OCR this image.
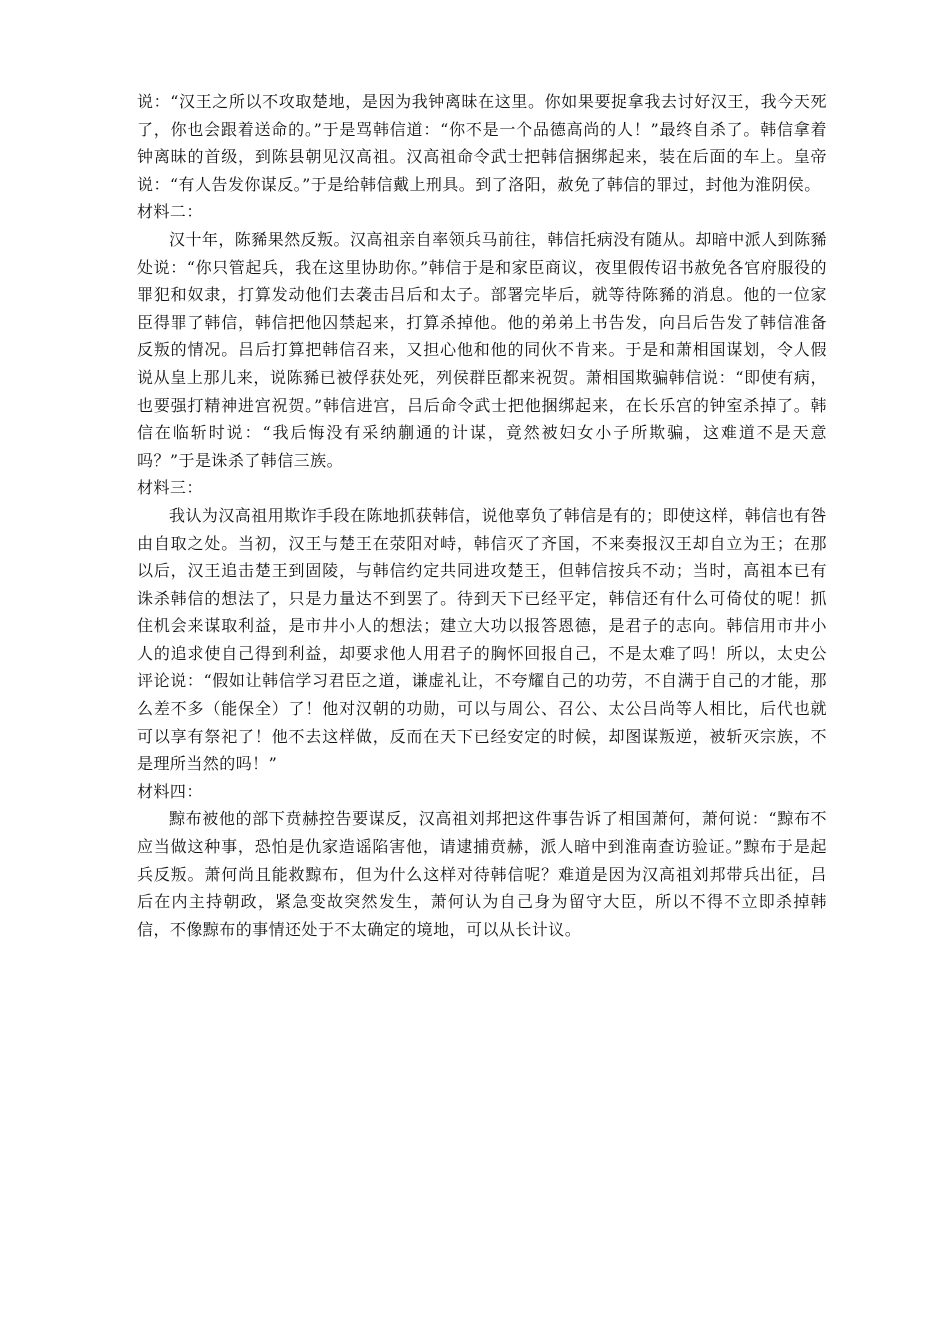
说：“汉王之所以不攻取楚地，是因为我钟离昧在这里。你如果要捉拿我去讨好汉王，我今天死了，你也会跟着送命的。”于是骂韩信道：“你不是一个品德高尚的人！”最终自杀了。韩信拿着钟离昧的首级，到陈县朝见汉高祖。汉高祖命令武士把韩信捆绑起来，装在后面的车上。皇帝说：“有人告发你谋反。”于是给韩信戴上刑具。到了洛阳，赦免了韩信的罪过，封他为淮阴侯。

材料二：

汉十年，陈豨果然反叛。汉高祖亲自率领兵马前往，韩信托病没有随从。却暗中派人到陈豨处说：“你只管起兵，我在这里协助你。”韩信于是和家臣商议，夜里假传诏书赦免各官府服役的罪犯和奴隶，打算发动他们去袭击吕后和太子。部署完毕后，就等待陈豨的消息。他的一位家臣得罪了韩信，韩信把他囚禁起来，打算杀掉他。他的弟弟上书告发，向吕后告发了韩信准备反叛的情况。吕后打算把韩信召来，又担心他和他的同伙不肯来。于是和萧相国谋划，令人假说从皇上那儿来，说陈豨已被俘获处死，列侯群臣都来祝贺。萧相国欺骗韩信说：“即使有病，也要强打精神进宫祝贺。”韩信进宫，吕后命令武士把他捆绑起来，在长乐宫的钟室杀掉了。韩信在临斩时说：“我后悔没有采纳蒯通的计谋，竟然被妇女小子所欺骗，这难道不是天意吗？”于是诛杀了韩信三族。

材料三：

我认为汉高祖用欺诈手段在陈地抓获韩信，说他辜负了韩信是有的；即使这样，韩信也有咎由自取之处。当初，汉王与楚王在荥阳对峙，韩信灭了齐国，不来奏报汉王却自立为王；在那以后，汉王追击楚王到固陵，与韩信约定共同进攻楚王，但韩信按兵不动；当时，高祖本已有诛杀韩信的想法了，只是力量达不到罢了。待到天下已经平定，韩信还有什么可倚仗的呢！抓住机会来谋取利益，是市井小人的想法；建立大功以报答恩德，是君子的志向。韩信用市井小人的追求使自己得到利益，却要求他人用君子的胸怀回报自己，不是太难了吗！所以，太史公评论说：“假如让韩信学习君臣之道，谦虚礼让，不夸耀自己的功劳，不自满于自己的才能，那么差不多（能保全）了！他对汉朝的功勋，可以与周公、召公、太公吕尚等人相比，后代也就可以享有祭祀了！他不去这样做，反而在天下已经安定的时候，却图谋叛逆，被斩灭宗族，不是理所当然的吗！”

材料四：

黥布被他的部下贲赫控告要谋反，汉高祖刘邦把这件事告诉了相国萧何，萧何说：“黥布不应当做这种事，恐怕是仇家造谣陷害他，请逮捕贲赫，派人暗中到淮南查访验证。”黥布于是起兵反叛。萧何尚且能救黥布，但为什么这样对待韩信呢？难道是因为汉高祖刘邦带兵出征，吕后在内主持朝政，紧急变故突然发生，萧何认为自己身为留守大臣，所以不得不立即杀掉韩信，不像黥布的事情还处于不太确定的境地，可以从长计议。
